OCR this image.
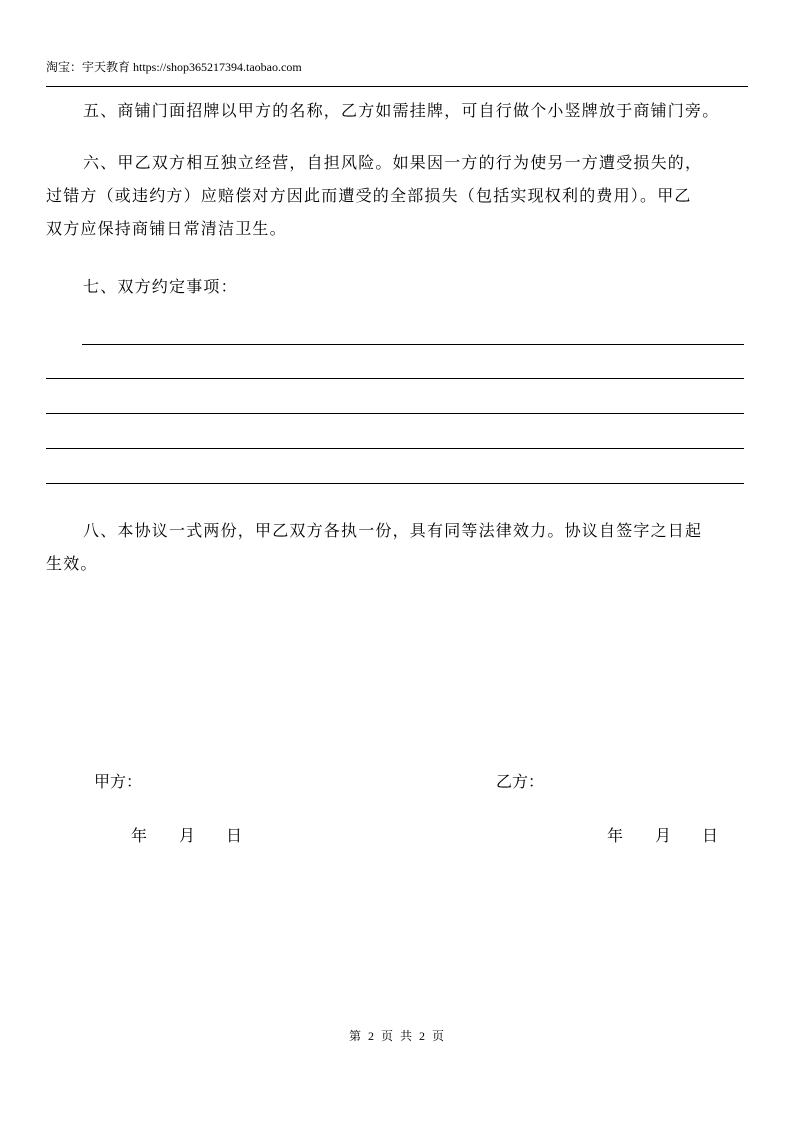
淘宝：宇天教育 https://shop365217394.taobao.com
五、商铺门面招牌以甲方的名称，乙方如需挂牌，可自行做个小竖牌放于商铺门旁。
六、甲乙双方相互独立经营，自担风险。如果因一方的行为使另一方遭受损失的，
过错方（或违约方）应赔偿对方因此而遭受的全部损失（包括实现权利的费用）。甲乙
双方应保持商铺日常清洁卫生。
七、双方约定事项：
八、本协议一式两份，甲乙双方各执一份，具有同等法律效力。协议自签字之日起
生效。
甲方：	乙方：
年 月 日	年 月 日
第 2 页 共 2 页
